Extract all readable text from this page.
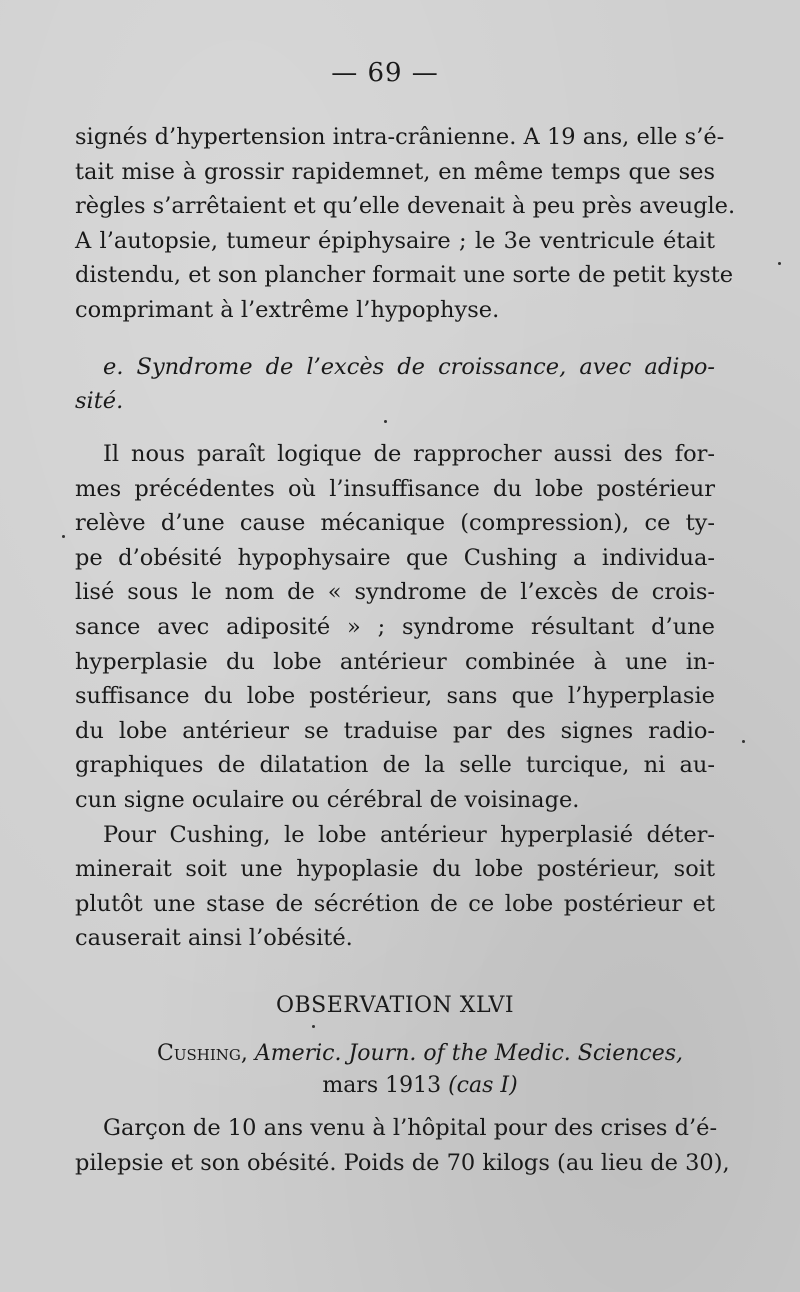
— 69 —
signés d’hypertension intra-crânienne. A 19 ans, elle s’é-
tait mise à grossir rapidemnet, en même temps que ses
règles s’arrêtaient et qu’elle devenait à peu près aveugle.
A l’autopsie, tumeur épiphysaire ; le 3e ventricule était
distendu, et son plancher formait une sorte de petit kyste
comprimant à l’extrême l’hypophyse.
e. Syndrome de l’excès de croissance, avec adipo-
sité.
Il nous paraît logique de rapprocher aussi des for-
mes précédentes où l’insuffisance du lobe postérieur
relève d’une cause mécanique (compression), ce ty-
pe d’obésité hypophysaire que Cushing a individua-
lisé sous le nom de « syndrome de l’excès de crois-
sance avec adiposité » ; syndrome résultant d’une
hyperplasie du lobe antérieur combinée à une in-
suffisance du lobe postérieur, sans que l’hyperplasie
du lobe antérieur se traduise par des signes radio-
graphiques de dilatation de la selle turcique, ni au-
cun signe oculaire ou cérébral de voisinage.
Pour Cushing, le lobe antérieur hyperplasié déter-
minerait soit une hypoplasie du lobe postérieur, soit
plutôt une stase de sécrétion de ce lobe postérieur et
causerait ainsi l’obésité.
OBSERVATION XLVI
Cushing, Americ. Journ. of the Medic. Sciences,
mars 1913 (cas I)
Garçon de 10 ans venu à l’hôpital pour des crises d’é-
pilepsie et son obésité. Poids de 70 kilogs (au lieu de 30),
